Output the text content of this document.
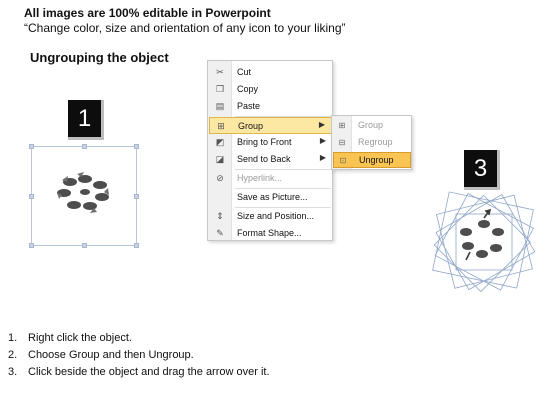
All images are 100% editable in Powerpoint
“Change color, size and orientation of any icon to your liking”
Ungrouping the object
1
3
✂ Cut
❐ Copy
▤ Paste
⊞ Group	▶
◩ Bring to Front	▶
◪ Send to Back	▶
⊘ Hyperlink...
Save as Picture...
⇕ Size and Position...
✎ Format Shape...
⊞ Group
⊟ Regroup
⊡ Ungroup
1. Right click the object.
2. Choose Group and then Ungroup.
3. Click beside the object and drag the arrow over it.
